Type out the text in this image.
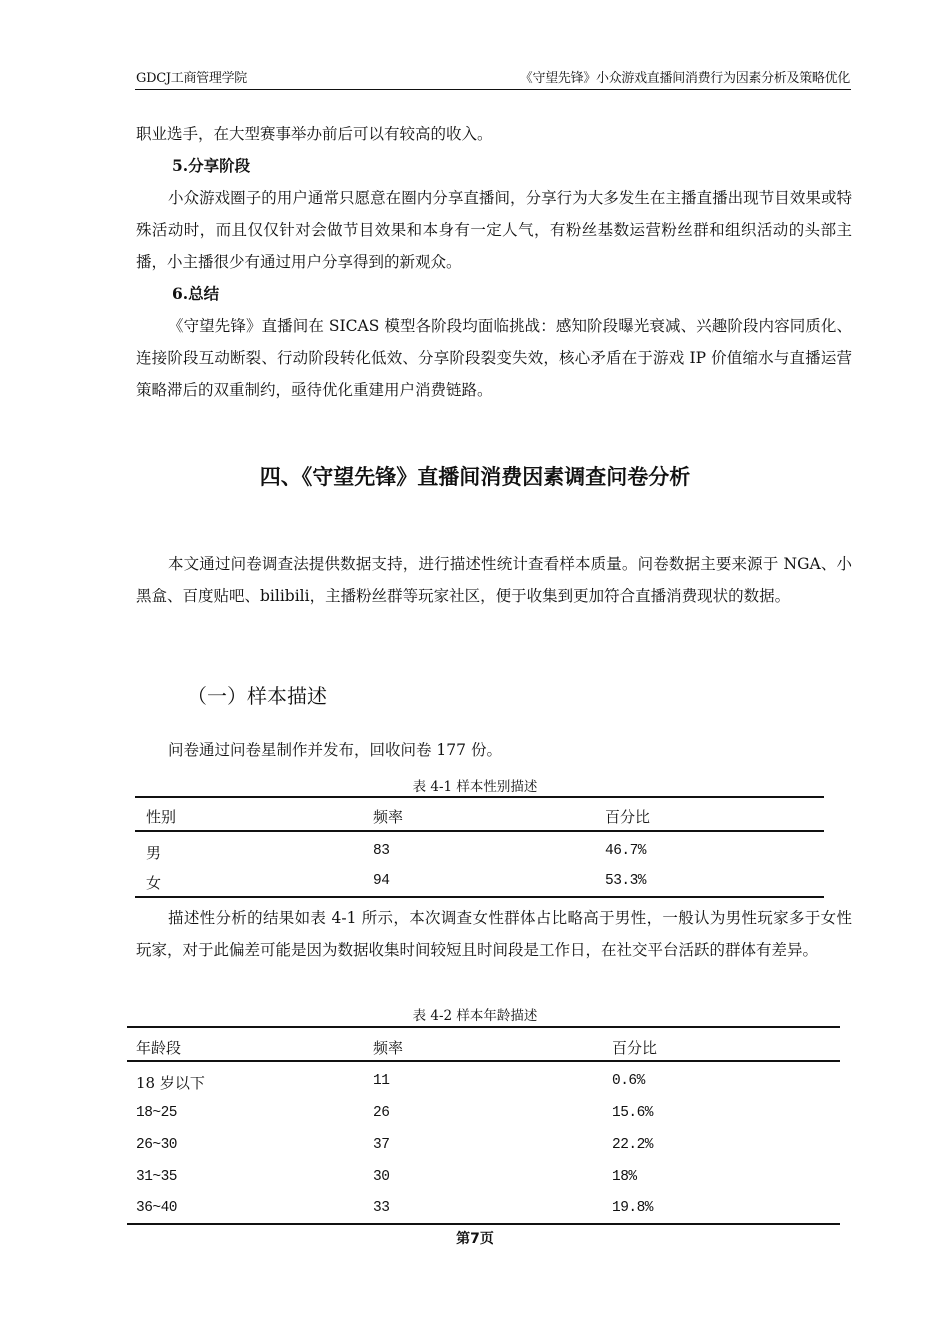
GDCJ工商管理学院	《守望先锋》小众游戏直播间消费行为因素分析及策略优化
职业选手，在大型赛事举办前后可以有较高的收入。
5.分享阶段
小众游戏圈子的用户通常只愿意在圈内分享直播间，分享行为大多发生在主播直播出现节目效果或特殊活动时，而且仅仅针对会做节目效果和本身有一定人气，有粉丝基数运营粉丝群和组织活动的头部主播，小主播很少有通过用户分享得到的新观众。
6.总结
《守望先锋》直播间在 SICAS 模型各阶段均面临挑战：感知阶段曝光衰减、兴趣阶段内容同质化、连接阶段互动断裂、行动阶段转化低效、分享阶段裂变失效，核心矛盾在于游戏 IP 价值缩水与直播运营策略滞后的双重制约，亟待优化重建用户消费链路。
四、《守望先锋》直播间消费因素调查问卷分析
本文通过问卷调查法提供数据支持，进行描述性统计查看样本质量。问卷数据主要来源于 NGA、小黑盒、百度贴吧、bilibili，主播粉丝群等玩家社区，便于收集到更加符合直播消费现状的数据。
（一）样本描述
问卷通过问卷星制作并发布，回收问卷 177 份。
表 4-1 样本性别描述
性别	频率	百分比
男	83	46.7%
女	94	53.3%
描述性分析的结果如表 4-1 所示，本次调查女性群体占比略高于男性，一般认为男性玩家多于女性玩家，对于此偏差可能是因为数据收集时间较短且时间段是工作日，在社交平台活跃的群体有差异。
表 4-2 样本年龄描述
年龄段	频率	百分比
18 岁以下	11	0.6%
18~25	26	15.6%
26~30	37	22.2%
31~35	30	18%
36~40	33	19.8%
第7页
